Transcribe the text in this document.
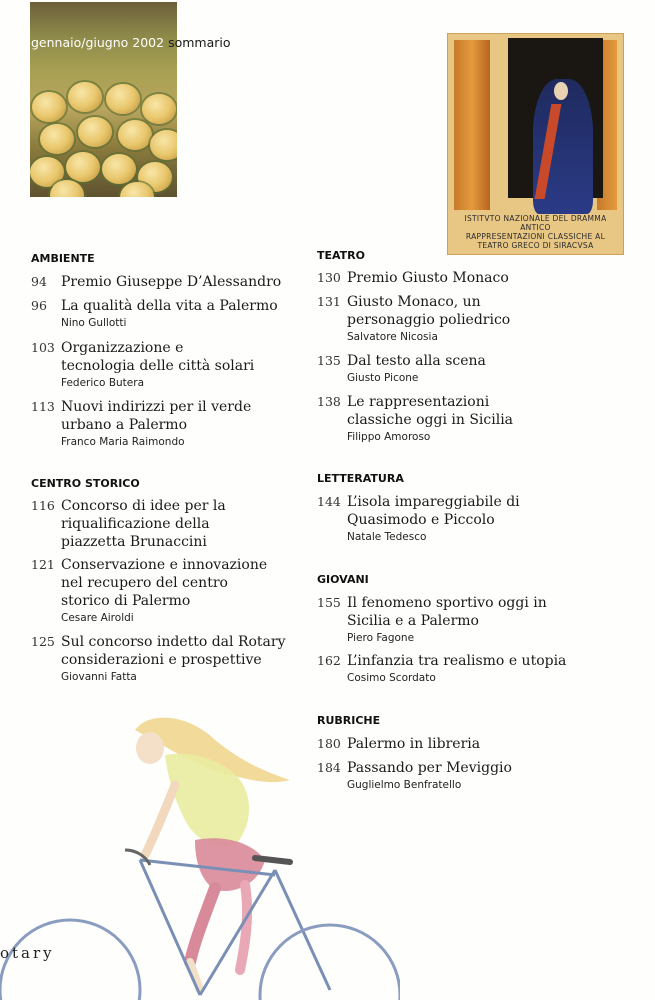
gennaio/giugno 2002 sommario
ISTITVTO NAZIONALE DEL DRAMMA ANTICO
RAPPRESENTAZIONI CLASSICHE AL
TEATRO GRECO DI SIRACVSA
AMBIENTE
94	Premio Giuseppe D’Alessandro
96	La qualità della vita a Palermo
Nino Gullotti
103 Organizzazione e tecnologia delle città solari
Federico Butera
113 Nuovi indirizzi per il verde urbano a Palermo
Franco Maria Raimondo
CENTRO STORICO
116 Concorso di idee per la riqualificazione della piazzetta Brunaccini
121 Conservazione e innovazione nel recupero del centro storico di Palermo
Cesare Airoldi
125 Sul concorso indetto dal Rotary considerazioni e prospettive
Giovanni Fatta
TEATRO
130 Premio Giusto Monaco
131 Giusto Monaco, un personaggio poliedrico
Salvatore Nicosia
135 Dal testo alla scena
Giusto Picone
138 Le rappresentazioni classiche oggi in Sicilia
Filippo Amoroso
LETTERATURA
144 L’isola impareggiabile di Quasimodo e Piccolo
Natale Tedesco
GIOVANI
155 Il fenomeno sportivo oggi in Sicilia e a Palermo
Piero Fagone
162 L’infanzia tra realismo e utopia
Cosimo Scordato
RUBRICHE
180 Palermo in libreria
184 Passando per Meviggio
Guglielmo Benfratello
otary
